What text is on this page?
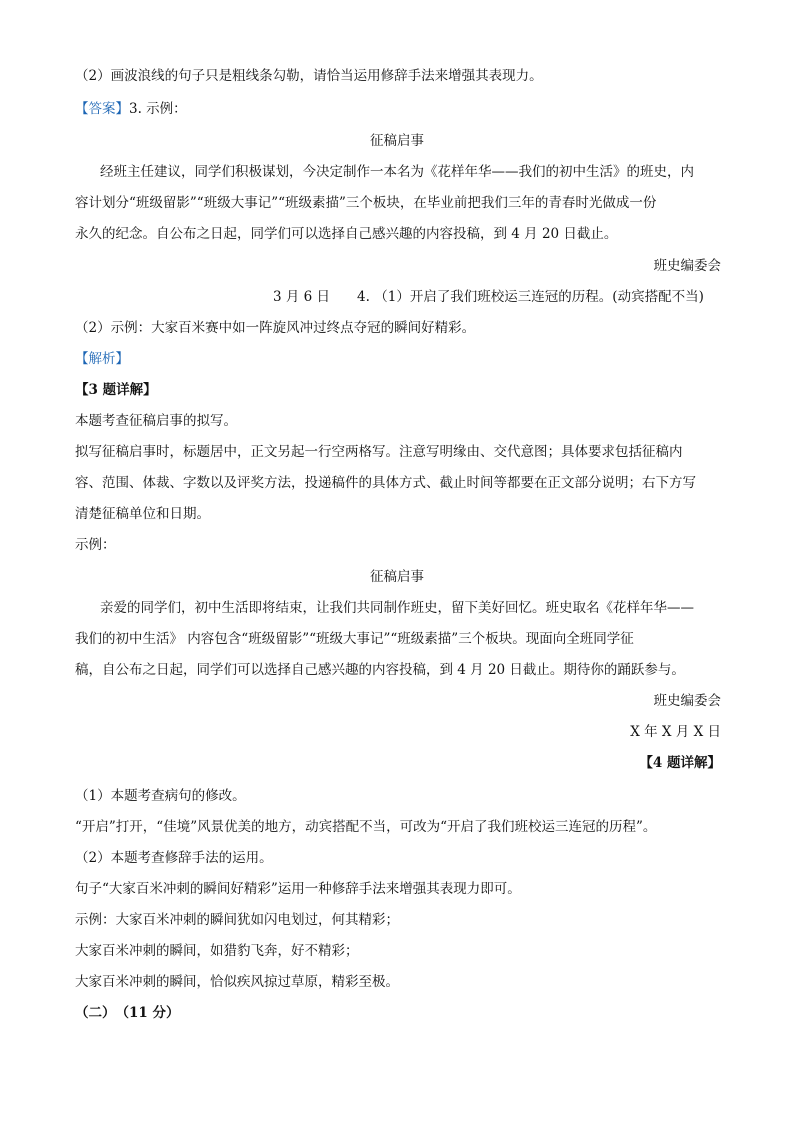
（2）画波浪线的句子只是粗线条勾勒，请恰当运用修辞手法来增强其表现力。
【答案】3. 示例：
征稿启事
经班主任建议，同学们积极谋划，今决定制作一本名为《花样年华——我们的初中生活》的班史，内
容计划分“班级留影”“班级大事记”“班级素描”三个板块，在毕业前把我们三年的青春时光做成一份
永久的纪念。自公布之日起，同学们可以选择自己感兴趣的内容投稿，到 4 月 20 日截止。
班史编委会
3 月 6 日　　4. （1）开启了我们班校运三连冠的历程。(动宾搭配不当)
（2）示例：大家百米赛中如一阵旋风冲过终点夺冠的瞬间好精彩。
【解析】
【3 题详解】
本题考查征稿启事的拟写。
拟写征稿启事时，标题居中，正文另起一行空两格写。注意写明缘由、交代意图；具体要求包括征稿内
容、范围、体裁、字数以及评奖方法，投递稿件的具体方式、截止时间等都要在正文部分说明；右下方写
清楚征稿单位和日期。
示例：
征稿启事
亲爱的同学们，初中生活即将结束，让我们共同制作班史，留下美好回忆。班史取名《花样年华——
我们的初中生活》 内容包含“班级留影”“班级大事记”“班级素描”三个板块。现面向全班同学征
稿，自公布之日起，同学们可以选择自己感兴趣的内容投稿，到 4 月 20 日截止。期待你的踊跃参与。
班史编委会
X 年 X 月 X 日
【4 题详解】
（1）本题考查病句的修改。
“开启”打开，“佳境”风景优美的地方，动宾搭配不当，可改为“开启了我们班校运三连冠的历程”。
（2）本题考查修辞手法的运用。
句子“大家百米冲刺的瞬间好精彩”运用一种修辞手法来增强其表现力即可。
示例：大家百米冲刺的瞬间犹如闪电划过，何其精彩；
大家百米冲刺的瞬间，如猎豹飞奔，好不精彩；
大家百米冲刺的瞬间，恰似疾风掠过草原，精彩至极。
（二）　（11 分）
